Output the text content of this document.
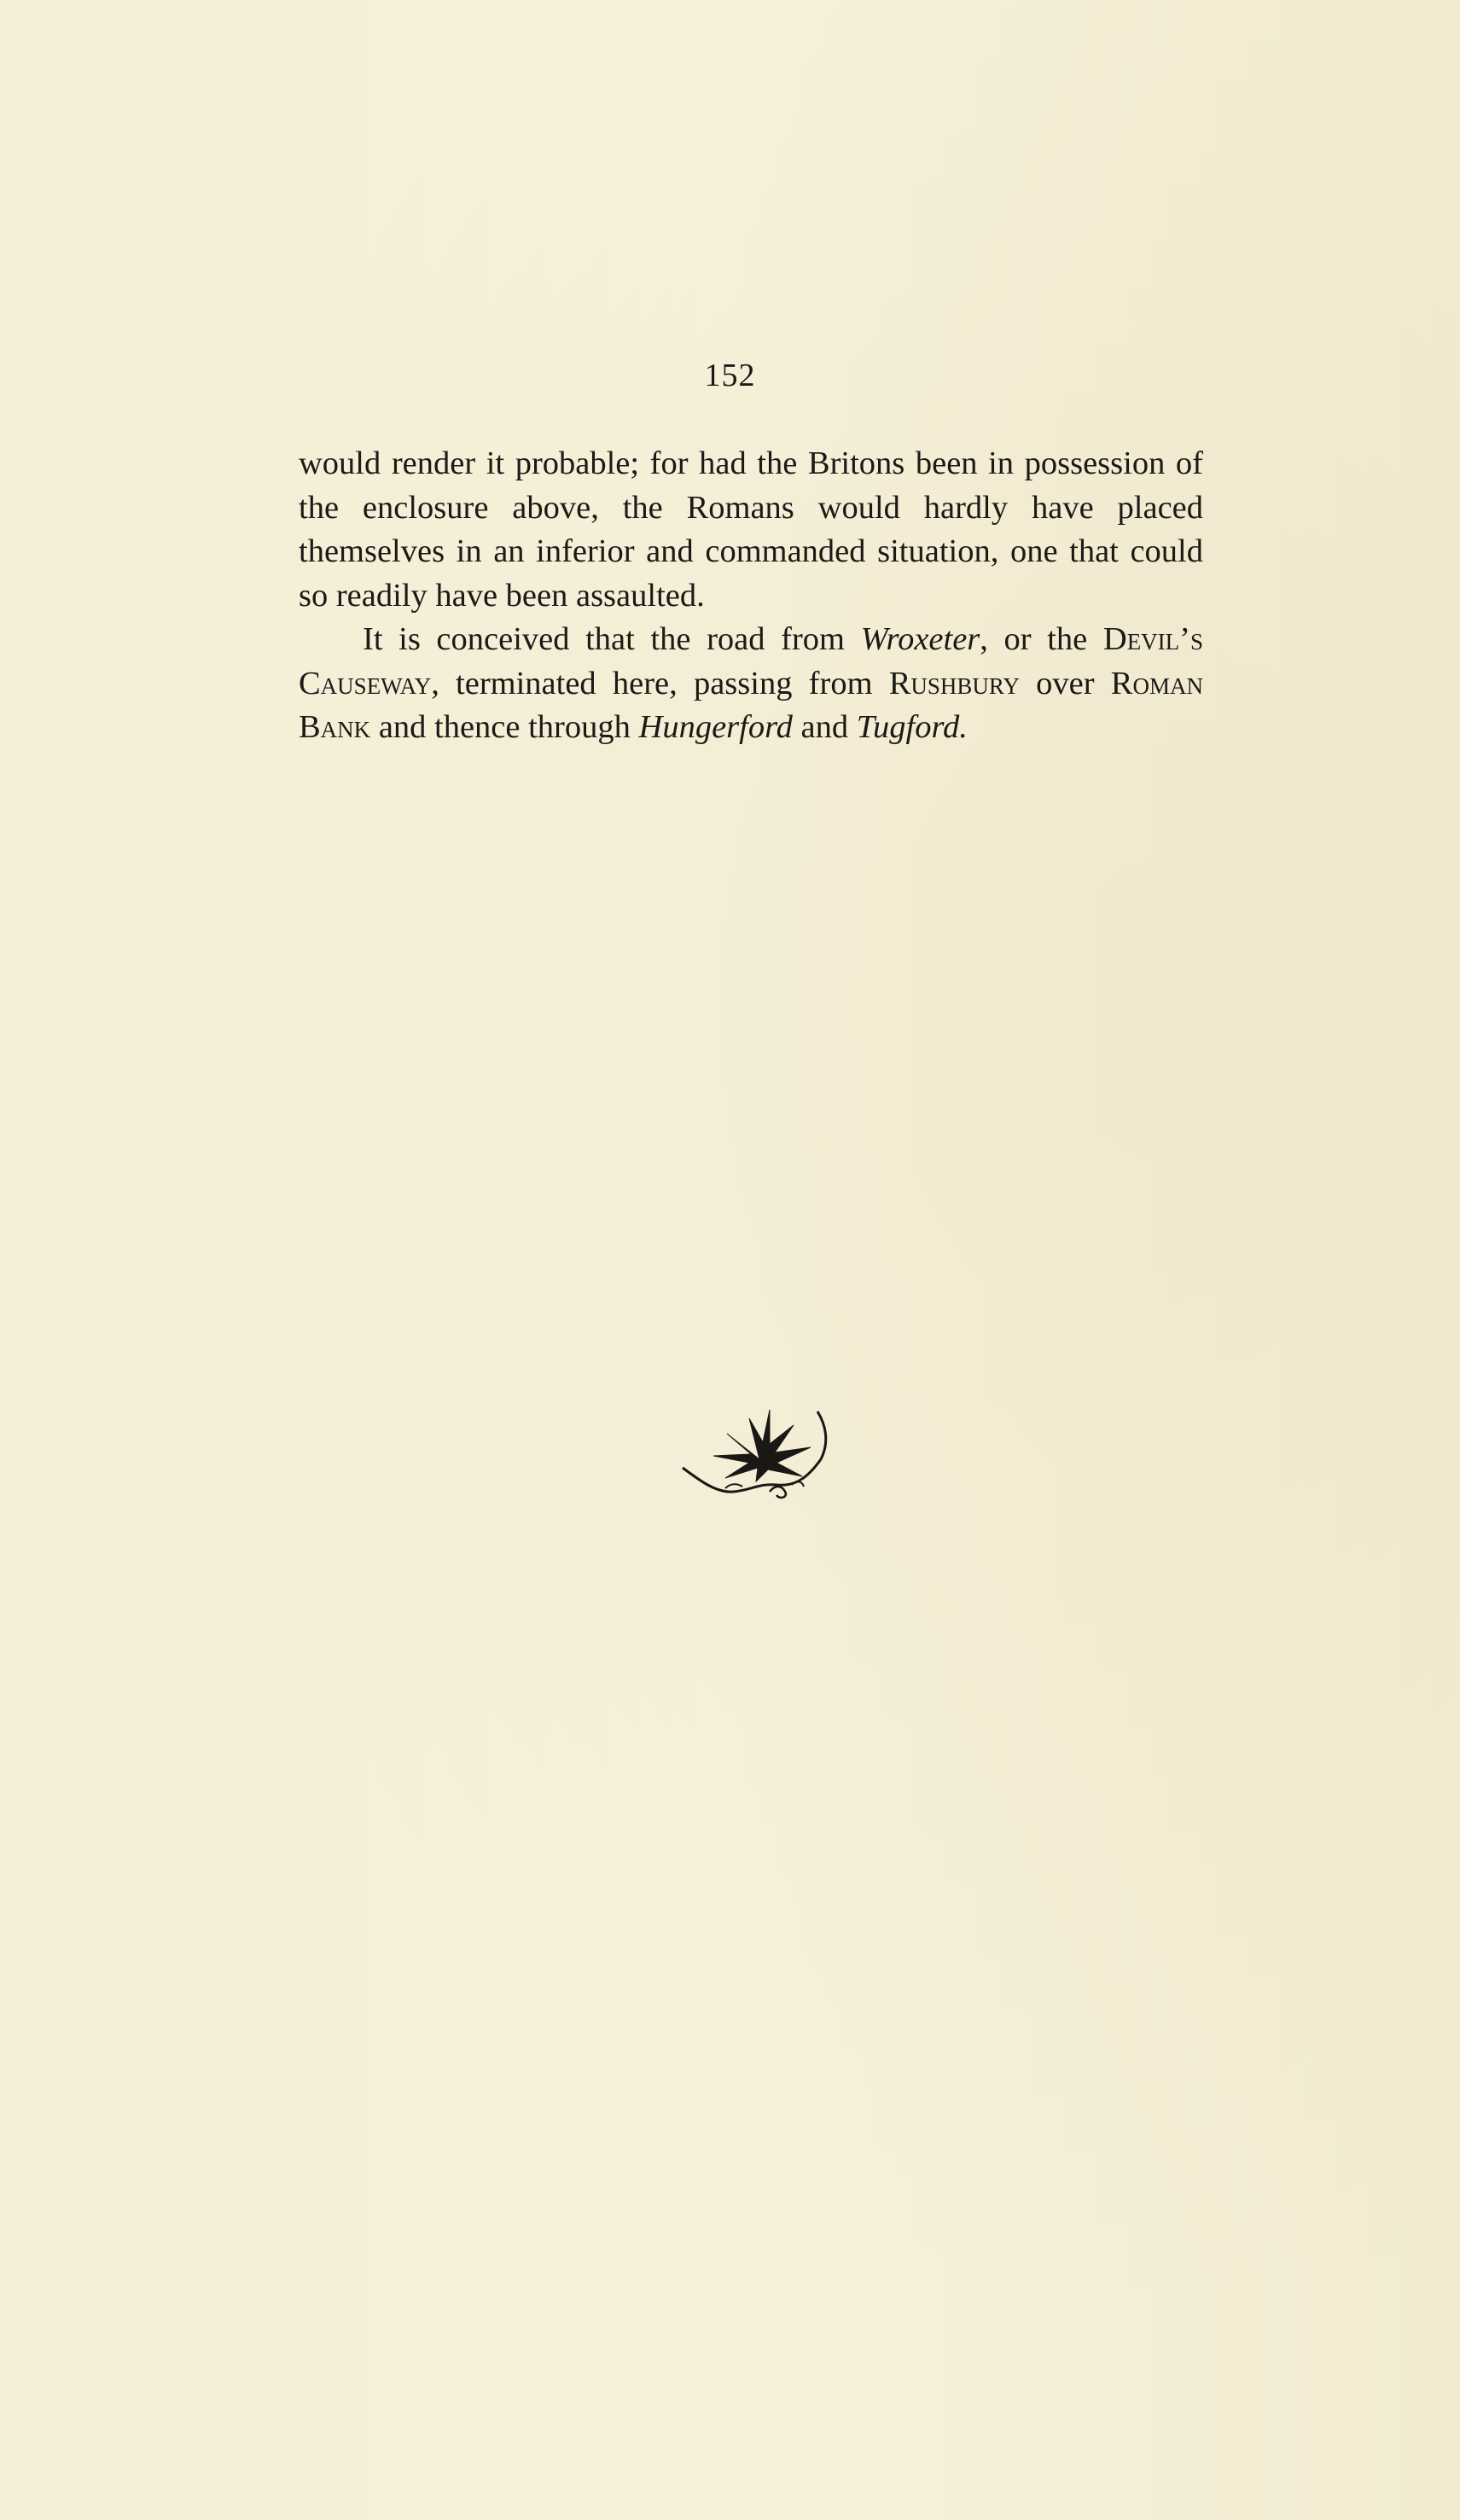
152

would render it probable; for had the Britons been in possession of the enclosure above, the Romans would hardly have placed themselves in an inferior and commanded situation, one that could so readily have been assaulted.

It is conceived that the road from Wroxeter, or the Devil’s Causeway, terminated here, passing from Rushbury over Roman Bank and thence through Hungerford and Tugford.
